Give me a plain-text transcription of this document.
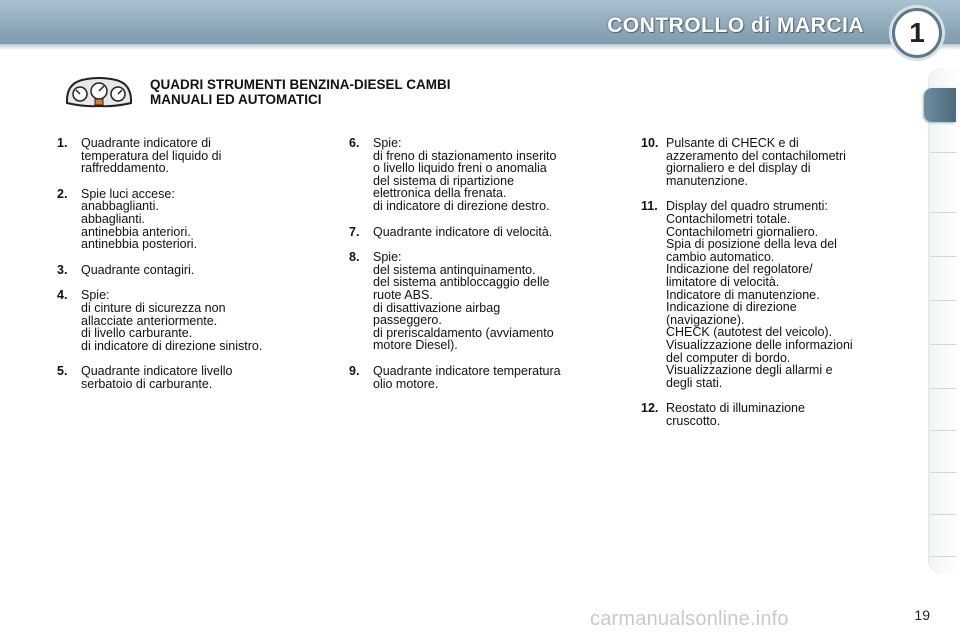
CONTROLLO di MARCIA	1
QUADRI STRUMENTI BENZINA-DIESEL CAMBI
MANUALI ED AUTOMATICI
1.	Quadrante indicatore di
temperatura del liquido di
raffreddamento.
2.	Spie luci accese:
anabbaglianti.
abbaglianti.
antinebbia anteriori.
antinebbia posteriori.
3.	Quadrante contagiri.
4.	Spie:
di cinture di sicurezza non
allacciate anteriormente.
di livello carburante.
di indicatore di direzione sinistro.
5.	Quadrante indicatore livello
serbatoio di carburante.
6.	Spie:
di freno di stazionamento inserito
o livello liquido freni o anomalia
del sistema di ripartizione
elettronica della frenata.
di indicatore di direzione destro.
7.	Quadrante indicatore di velocità.
8.	Spie:
del sistema antinquinamento.
del sistema antibloccaggio delle
ruote ABS.
di disattivazione airbag
passeggero.
di preriscaldamento (avviamento
motore Diesel).
9.	Quadrante indicatore temperatura
olio motore.
10. Pulsante di CHECK e di
azzeramento del contachilometri
giornaliero e del display di
manutenzione.
11. Display del quadro strumenti:
Contachilometri totale.
Contachilometri giornaliero.
Spia di posizione della leva del
cambio automatico.
Indicazione del regolatore/
limitatore di velocità.
Indicatore di manutenzione.
Indicazione di direzione
(navigazione).
CHECK (autotest del veicolo).
Visualizzazione delle informazioni
del computer di bordo.
Visualizzazione degli allarmi e
degli stati.
12. Reostato di illuminazione
cruscotto.
carmanualsonline.info	19
